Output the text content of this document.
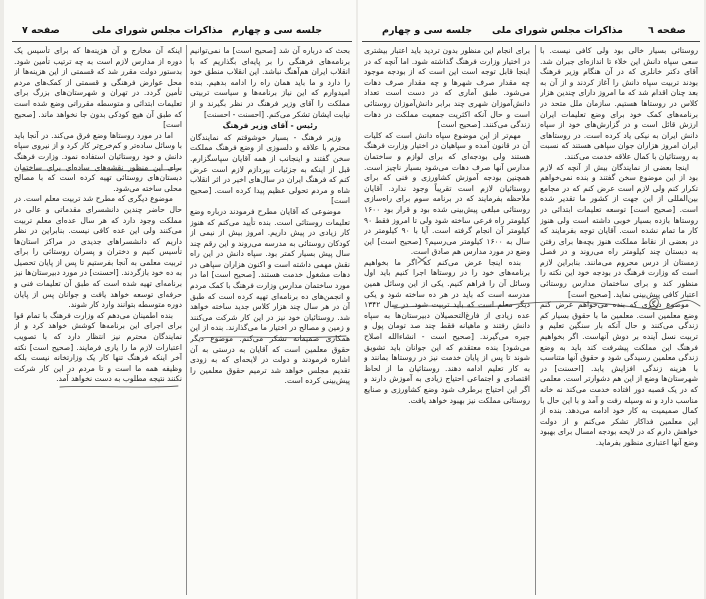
صفحه ٧	مذاکرات مجلس شورای ملی جلسه سی و چهارم

اینکه آن مخارج و آن هزینه‌ها که برای تأسیس یک دوره از مدارس لازم است به چه ترتیب تأمین شود. بدستور دولت مقرر شد که قسمتی از این هزینه‌ها از محل عوارض فرهنگی و قسمتی از کمک‌های مردم تأمین گردد. در تهران و شهرستان‌های بزرگ برای تعلیمات ابتدائی و متوسطه مقرراتی وضع شده است که طبق آن هیچ کودکی بدون جا نخواهد ماند. [صحیح است]

اما در مورد روستاها وضع فرق می‌کند. در آنجا باید با وسائل ساده‌تر و کم‌خرج‌تر کار کرد و از نیروی سپاه دانش و خود روستائیان استفاده نمود. وزارت فرهنگ برای این منظور نقشه‌های ساده‌ای برای ساختمان دبستان‌های روستائی تهیه کرده است که با مصالح محلی ساخته می‌شود.

موضوع دیگری که مطرح شد تربیت معلم است. در حال حاضر چندین دانشسرای مقدماتی و عالی در مملکت وجود دارد که هر سال عده‌ای معلم تربیت می‌کنند ولی این عده کافی نیست. بنابراین در نظر داریم که دانشسراهای جدیدی در مراکز استان‌ها تأسیس کنیم و دختران و پسران روستائی را برای تربیت معلمی به آنجا بفرستیم تا پس از پایان تحصیل به ده خود بازگردند. [احسنت] در مورد دبیرستان‌ها نیز برنامه‌ای تهیه شده است که طبق آن تعلیمات فنی و حرفه‌ای توسعه خواهد یافت و جوانان پس از پایان دوره متوسطه بتوانند وارد کار شوند.

بنده اطمینان می‌دهم که وزارت فرهنگ با تمام قوا برای اجرای این برنامه‌ها کوشش خواهد کرد و از نمایندگان محترم نیز انتظار دارد که با تصویب اعتبارات لازم ما را یاری فرمایند. [صحیح است] نکته آخر اینکه فرهنگ تنها کار یک وزارتخانه نیست بلکه وظیفه همه ما است و تا مردم در این کار شرکت نکنند نتیجه مطلوب به دست نخواهد آمد.

بحث که درباره آن شد [صحیح است] ما نمی‌توانیم برنامه‌های فرهنگی را بر پایه‌ای بگذاریم که با انقلاب ایران هم‌آهنگ نباشد. این انقلاب منطق خود را دارد و ما باید همان راه را ادامه بدهیم. بنده امیدوارم که این نیاز برنامه‌ها و سیاست تربیتی مملکت را آقای وزیر فرهنگ در نظر بگیرند و از نیابت ایشان تشکر می‌کنم. [احسنت - احسنت]

رئیس - آقای وزیر فرهنگ

وزیر فرهنگ - بسیار خوشوقتم که نمایندگان محترم با علاقه و دلسوزی از وضع فرهنگ مملکت سخن گفتند و اینجانب از همه آقایان سپاسگزارم. قبل از اینکه به جزئیات بپردازم لازم است عرض کنم که فرهنگ ایران در سال‌های اخیر در اثر انقلاب شاه و مردم تحولی عظیم پیدا کرده است. [صحیح است]

موضوعی که آقایان مطرح فرمودند درباره وضع تعلیمات روستائی است. بنده تأیید می‌کنم که هنوز کار زیادی در پیش داریم. امروز بیش از نیمی از کودکان روستائی به مدرسه می‌روند و این رقم چند سال پیش بسیار کمتر بود. سپاه دانش در این راه نقش مهمی داشته است و اکنون هزاران سپاهی در دهات مشغول خدمت هستند. [صحیح است] اما در مورد ساختمان مدارس وزارت فرهنگ با کمک مردم و انجمن‌های ده برنامه‌ای تهیه کرده است که طبق آن در هر سال چند هزار کلاس جدید ساخته خواهد شد. روستائیان خود نیز در این کار شرکت می‌کنند و زمین و مصالح در اختیار ما می‌گذارند. بنده از این همکاری صمیمانه تشکر می‌کنم. موضوع دیگر حقوق معلمین است که آقایان به درستی به آن اشاره فرمودند و دولت در لایحه‌ای که به زودی تقدیم مجلس خواهد شد ترمیم حقوق معلمین را پیش‌بینی کرده است.

جلسه سی و چهارم مذاکرات مجلس شورای ملی	صفحه ٦

برای انجام این منظور بدون تردید باید اعتبار بیشتری در اختیار وزارت فرهنگ گذاشته شود. اما آنچه که در اینجا قابل توجه است این است که از بودجه موجود چه مقدار صرف شهرها و چه مقدار صرف دهات می‌شود. طبق آماری که در دست است تعداد دانش‌آموزان شهری چند برابر دانش‌آموزان روستائی است و حال آنکه اکثریت جمعیت مملکت در دهات زندگی می‌کنند. [صحیح است]

مهم‌تر از این موضوع سپاه دانش است که کلیات آن در قانون آمده و سپاهیان در اختیار وزارت فرهنگ هستند ولی بودجه‌ای که برای لوازم و ساختمان مدارس آنها صرف دهات می‌شود بسیار ناچیز است. همچنین بودجه آموزش کشاورزی و فنی که برای روستائیان لازم است تقریباً وجود ندارد. آقایان ملاحظه بفرمایند که در برنامه سوم برای راه‌سازی روستائی مبلغی پیش‌بینی شده بود و قرار بود ۱۶۰۰ کیلومتر راه فرعی ساخته شود ولی تا امروز فقط ۹۰ کیلومتر آن انجام گرفته است. آیا با ۹۰ کیلومتر در سال به ۱۶۰۰ کیلومتر می‌رسیم؟ [صحیح است] این وضع در مورد مدارس هم صادق است.

بنده اینجا عرض می‌کنم که اگر ما بخواهیم برنامه‌های خود را در روستاها اجرا کنیم باید اول وسائل آن را فراهم کنیم. یکی از این وسائل همین مدرسه است که باید در هر ده ساخته شود و یکی دیگر معلم است که باید تربیت شود. در سال ۱۳۴۲ عده زیادی از فارغ‌التحصیلان دبیرستان‌ها به سپاه دانش رفتند و ماهیانه فقط چند صد تومان پول و جیره می‌گیرند. [صحیح است - انشاءالله اصلاح می‌شود] بنده معتقدم که این جوانان باید تشویق شوند تا پس از پایان خدمت نیز در روستاها بمانند و به کار تعلیم ادامه دهند. روستائیان ما از لحاظ اقتصادی و اجتماعی احتیاج زیادی به آموزش دارند و اگر این احتیاج برطرف شود وضع کشاورزی و صنایع روستائی مملکت نیز بهبود خواهد یافت.

روستائی بسیار خالی بود ولی کافی نیست. با سعی سپاه دانش این خلاء تا اندازه‌ای جبران شد. آقای دکتر خانلری که در آن هنگام وزیر فرهنگ بودند تربیت سپاه دانش را آغاز کردند و از آن به بعد چنان اقدام شد که ما امروز دارای چندین هزار کلاس در روستاها هستیم. سازمان ملل متحد در برنامه‌های کمک خود برای وضع تعلیمات ایران ارزش قائل است و در گزارش‌های خود از سپاه دانش ایران به نیکی یاد کرده است. در روستاهای ایران امروز هزاران جوان سپاهی هستند که نسبت به روستائیان با کمال علاقه خدمت می‌کنند.

اینجا بعضی از نمایندگان بیش از آنچه که لازم بود از این موضوع سخن گفتند و بنده نمی‌خواهم تکرار کنم ولی لازم است عرض کنم که در مجامع بین‌المللی از این جهت از کشور ما تقدیر شده است. [صحیح است] توسعه تعلیمات ابتدائی در روستاها بازده بسیار خوبی داشته است ولی هنوز کار ما تمام نشده است. آقایان توجه بفرمایند که در بعضی از نقاط مملکت هنوز بچه‌ها برای رفتن به دبستان چند کیلومتر راه می‌روند و در فصل زمستان از درس محروم می‌مانند. بنابراین لازم است که وزارت فرهنگ در بودجه خود این نکته را منظور کند و برای ساختمان مدارس روستائی اعتبار کافی پیش‌بینی نماید. [صحیح است]

موضوع دیگری که بنده می‌خواهم عرض کنم وضع معلمین است. معلمین ما با حقوق بسیار کم زندگی می‌کنند و حال آنکه بار سنگین تعلیم و تربیت نسل آینده بر دوش آنهاست. اگر بخواهیم فرهنگ این مملکت پیشرفت کند باید به وضع زندگی معلمین رسیدگی شود و حقوق آنها متناسب با هزینه زندگی افزایش یابد. [احسنت] در شهرستان‌ها وضع از این هم دشوارتر است. معلمی که در یک قصبه دور افتاده خدمت می‌کند نه خانه مناسب دارد و نه وسیله رفت و آمد و با این حال با کمال صمیمیت به کار خود ادامه می‌دهد. بنده از این معلمین فداکار تشکر می‌کنم و از دولت خواهش دارم که در لایحه بودجه امسال برای بهبود وضع آنها اعتباری منظور بفرماید.
